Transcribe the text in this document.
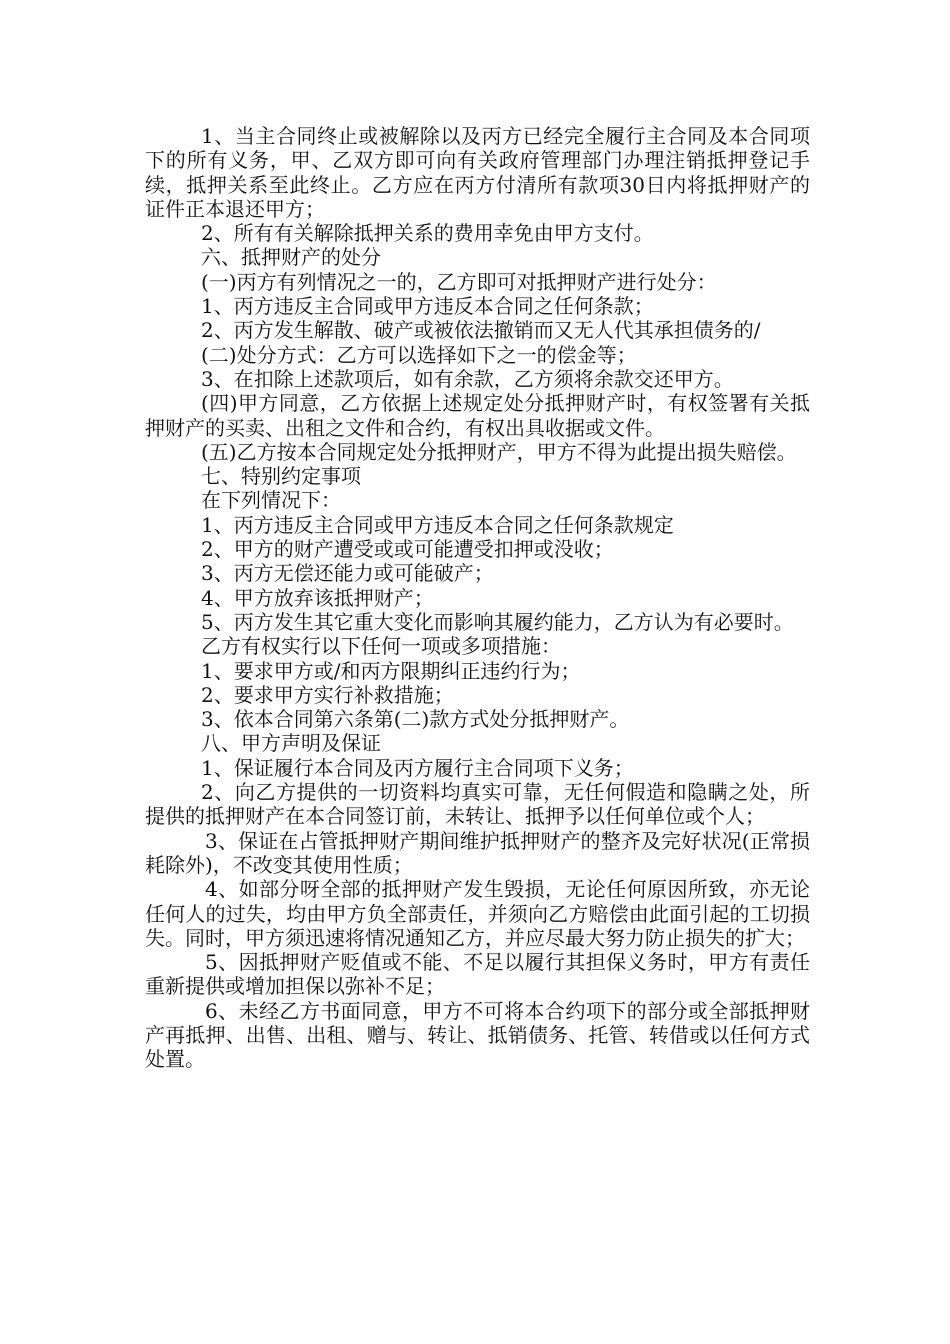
1、当主合同终止或被解除以及丙方已经完全履行主合同及本合同项下的所有义务，甲、乙双方即可向有关政府管理部门办理注销抵押登记手续，抵押关系至此终止。乙方应在丙方付清所有款项30日内将抵押财产的证件正本退还甲方；

2、所有有关解除抵押关系的费用幸免由甲方支付。

六、抵押财产的处分

(一)丙方有列情况之一的，乙方即可对抵押财产进行处分：

1、丙方违反主合同或甲方违反本合同之任何条款；

2、丙方发生解散、破产或被依法撤销而又无人代其承担债务的/

(二)处分方式：乙方可以选择如下之一的偿金等；

3、在扣除上述款项后，如有余款，乙方须将余款交还甲方。

(四)甲方同意，乙方依据上述规定处分抵押财产时，有权签署有关抵押财产的买卖、出租之文件和合约，有权出具收据或文件。

(五)乙方按本合同规定处分抵押财产，甲方不得为此提出损失赔偿。

七、特别约定事项

在下列情况下：

1、丙方违反主合同或甲方违反本合同之任何条款规定

2、甲方的财产遭受或或可能遭受扣押或没收；

3、丙方无偿还能力或可能破产；

4、甲方放弃该抵押财产；

5、丙方发生其它重大变化而影响其履约能力，乙方认为有必要时。

乙方有权实行以下任何一项或多项措施：

1、要求甲方或/和丙方限期纠正违约行为；

2、要求甲方实行补救措施；

3、依本合同第六条第(二)款方式处分抵押财产。

八、甲方声明及保证

1、保证履行本合同及丙方履行主合同项下义务；

2、向乙方提供的一切资料均真实可靠，无任何假造和隐瞒之处，所提供的抵押财产在本合同签订前，未转让、抵押予以任何单位或个人；

3、保证在占管抵押财产期间维护抵押财产的整齐及完好状况(正常损耗除外)，不改变其使用性质；

4、如部分呀全部的抵押财产发生毁损，无论任何原因所致，亦无论任何人的过失，均由甲方负全部责任，并须向乙方赔偿由此面引起的工切损失。同时，甲方须迅速将情况通知乙方，并应尽最大努力防止损失的扩大；

5、因抵押财产贬值或不能、不足以履行其担保义务时，甲方有责任重新提供或增加担保以弥补不足；

6、未经乙方书面同意，甲方不可将本合约项下的部分或全部抵押财产再抵押、出售、出租、赠与、转让、抵销债务、托管、转借或以任何方式处置。
